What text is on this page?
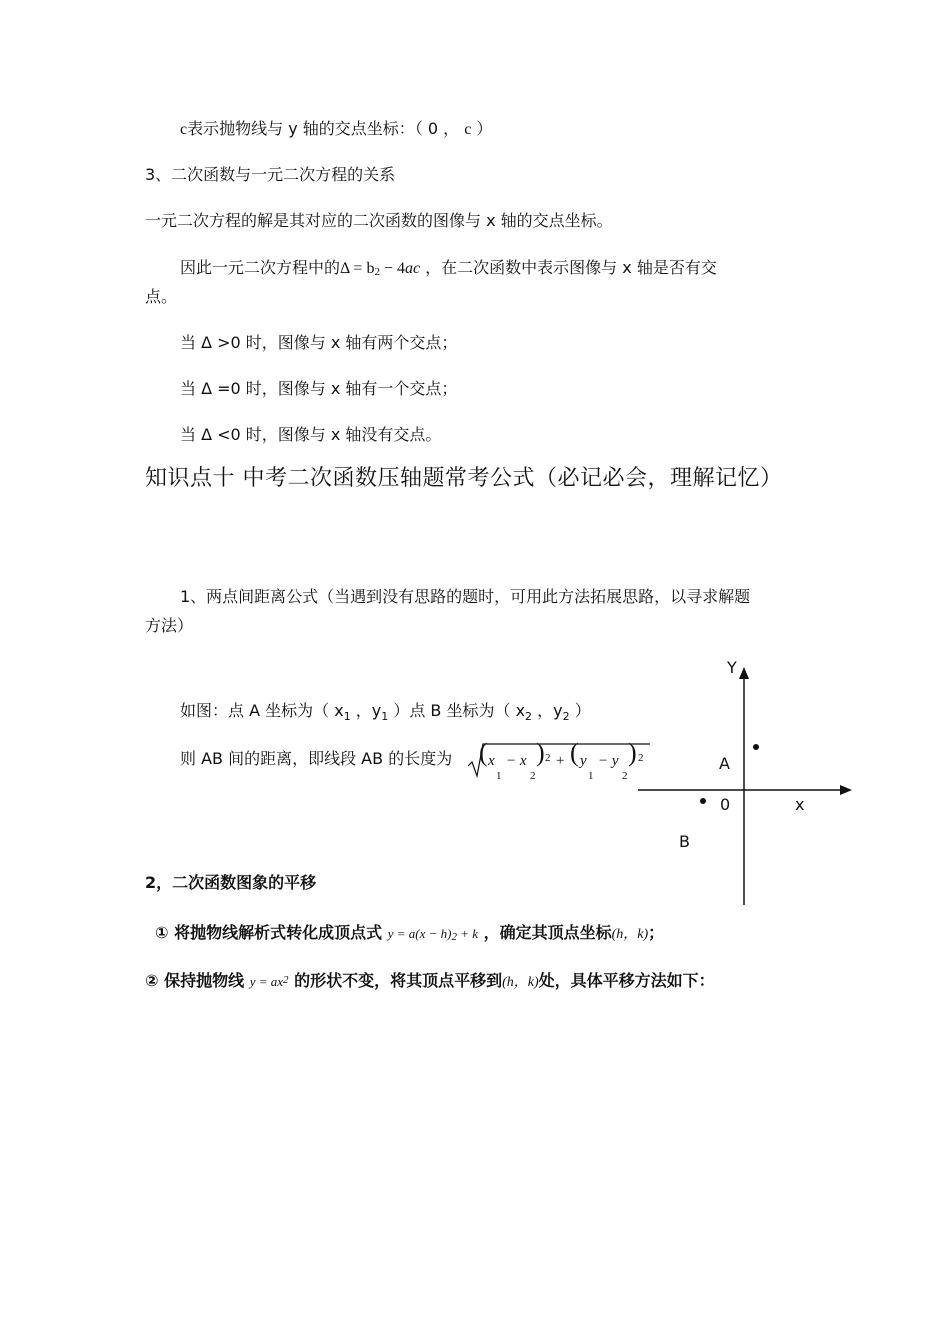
c表示抛物线与 y 轴的交点坐标：（ 0 ， c ）
3、二次函数与一元二次方程的关系
一元二次方程的解是其对应的二次函数的图像与 x 轴的交点坐标。
因此一元二次方程中的Δ = b2 − 4ac ，在二次函数中表示图像与 x 轴是否有交
点。
当 Δ >0 时，图像与 x 轴有两个交点；
当 Δ =0 时，图像与 x 轴有一个交点；
当 Δ <0 时，图像与 x 轴没有交点。
知识点十 中考二次函数压轴题常考公式（必记必会，理解记忆）
1、两点间距离公式（当遇到没有思路的题时，可用此方法拓展思路，以寻求解题
方法）
如图：点 A 坐标为（ $x_1$ ，$y_1$ ）点 B 坐标为（ $x_2$ ，$y_2$ ）
则 AB 间的距离，即线段 AB 的长度为 ( x
1
− x
2
) 2 + ( y
1
− y
2
) 2
Y
x
0
A
B
2，二次函数图象的平移
① 将抛物线解析式转化成顶点式 y = a(x − h)2 + k ，确定其顶点坐标(h，k)；
② 保持抛物线 $y = ax^2$ 的形状不变，将其顶点平移到(h，k)处，具体平移方法如下：
